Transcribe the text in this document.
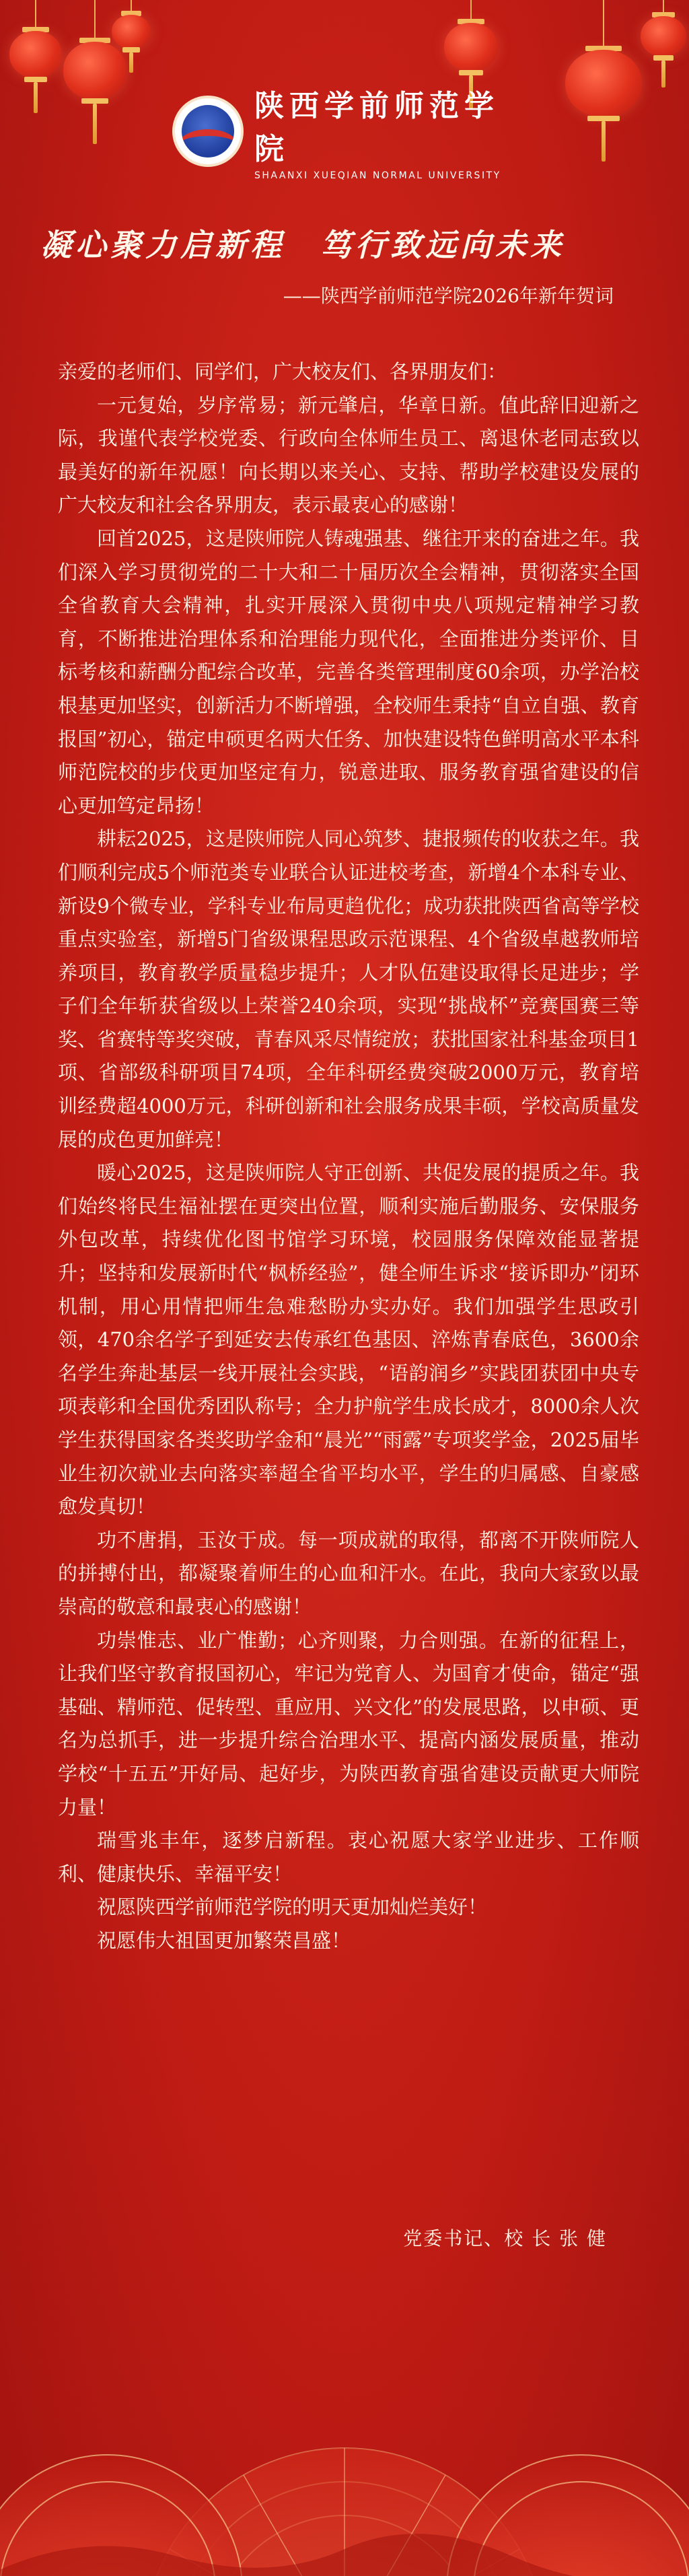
陕西学前师范学院
SHAANXI XUEQIAN NORMAL UNIVERSITY
凝心聚力启新程　笃行致远向未来
——陕西学前师范学院2026年新年贺词

亲爱的老师们、同学们，广大校友们、各界朋友们：

一元复始，岁序常易；新元肇启，华章日新。值此辞旧迎新之际，我谨代表学校党委、行政向全体师生员工、离退休老同志致以最美好的新年祝愿！向长期以来关心、支持、帮助学校建设发展的广大校友和社会各界朋友，表示最衷心的感谢！

回首2025，这是陕师院人铸魂强基、继往开来的奋进之年。我们深入学习贯彻党的二十大和二十届历次全会精神，贯彻落实全国全省教育大会精神，扎实开展深入贯彻中央八项规定精神学习教育，不断推进治理体系和治理能力现代化，全面推进分类评价、目标考核和薪酬分配综合改革，完善各类管理制度60余项，办学治校根基更加坚实，创新活力不断增强，全校师生秉持“自立自强、教育报国”初心，锚定申硕更名两大任务、加快建设特色鲜明高水平本科师范院校的步伐更加坚定有力，锐意进取、服务教育强省建设的信心更加笃定昂扬！

耕耘2025，这是陕师院人同心筑梦、捷报频传的收获之年。我们顺利完成5个师范类专业联合认证进校考查，新增4个本科专业、新设9个微专业，学科专业布局更趋优化；成功获批陕西省高等学校重点实验室，新增5门省级课程思政示范课程、4个省级卓越教师培养项目，教育教学质量稳步提升；人才队伍建设取得长足进步；学子们全年斩获省级以上荣誉240余项，实现“挑战杯”竞赛国赛三等奖、省赛特等奖突破，青春风采尽情绽放；获批国家社科基金项目1项、省部级科研项目74项，全年科研经费突破2000万元，教育培训经费超4000万元，科研创新和社会服务成果丰硕，学校高质量发展的成色更加鲜亮！

暖心2025，这是陕师院人守正创新、共促发展的提质之年。我们始终将民生福祉摆在更突出位置，顺利实施后勤服务、安保服务外包改革，持续优化图书馆学习环境，校园服务保障效能显著提升；坚持和发展新时代“枫桥经验”，健全师生诉求“接诉即办”闭环机制，用心用情把师生急难愁盼办实办好。我们加强学生思政引领，470余名学子到延安去传承红色基因、淬炼青春底色，3600余名学生奔赴基层一线开展社会实践，“语韵润乡”实践团获团中央专项表彰和全国优秀团队称号；全力护航学生成长成才，8000余人次学生获得国家各类奖助学金和“晨光”“雨露”专项奖学金，2025届毕业生初次就业去向落实率超全省平均水平，学生的归属感、自豪感愈发真切！

功不唐捐，玉汝于成。每一项成就的取得，都离不开陕师院人的拼搏付出，都凝聚着师生的心血和汗水。在此，我向大家致以最崇高的敬意和最衷心的感谢！

功崇惟志、业广惟勤；心齐则聚，力合则强。在新的征程上，让我们坚守教育报国初心，牢记为党育人、为国育才使命，锚定“强基础、精师范、促转型、重应用、兴文化”的发展思路，以申硕、更名为总抓手，进一步提升综合治理水平、提高内涵发展质量，推动学校“十五五”开好局、起好步，为陕西教育强省建设贡献更大师院力量！

瑞雪兆丰年，逐梦启新程。衷心祝愿大家学业进步、工作顺利、健康快乐、幸福平安！

祝愿陕西学前师范学院的明天更加灿烂美好！

祝愿伟大祖国更加繁荣昌盛！

党委书记、校 长 张 健
